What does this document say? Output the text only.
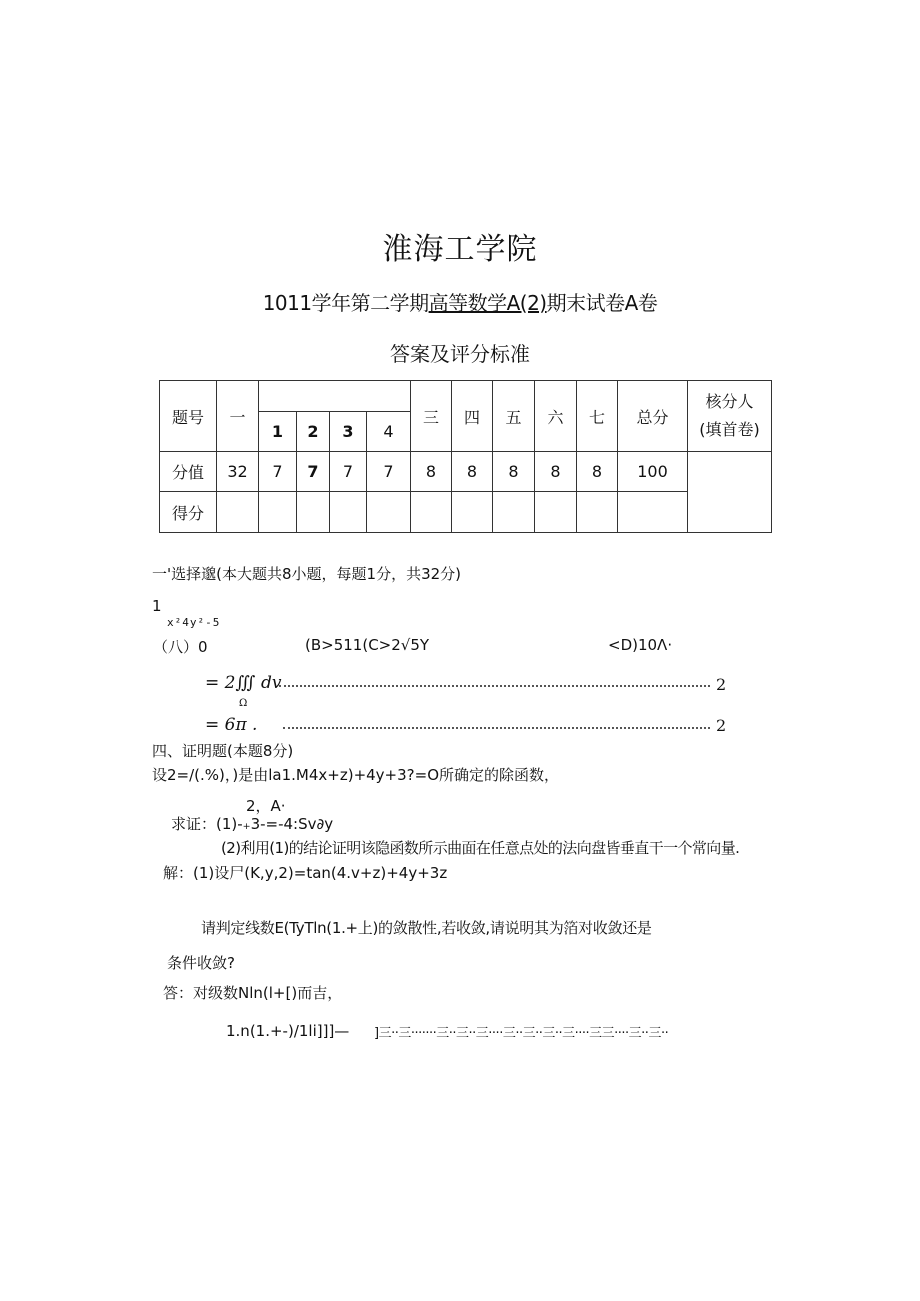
淮海工学院
1011学年第二学期高等数学A(2)期末试卷A卷
答案及评分标准
题号	一					三	四	五	六	七	总分	核分人
(填首卷)

		1	2	3	4							
分值	32	7	7	7	7	8	8	8	8	8	100	
得分												
一'选择邈(本大题共8小题，每题1分，共32分)
1
x²4y²-5
（八）0	(B>511(C>2√5Υ	<D)10Λ·
= 2∭ dv
Ω
2
= 6π .	2
四、证明题(本题8分)
设2=/(.%)，)是由la1.M4x+z)+4y+3?=O所确定的除函数，
2，A·
求证：(1)-₊3-=-4:Sv∂y
(2)利用(1)的结论证明该隐函数所示曲面在任意点处的法向盘皆垂直干一个常向量.
解：(1)设尸(K,y,2)=tan(4.v+z)+4y+3z
请判定线数E(TyTln(1.+上)的敛散性,若收敛,请说明其为箔对收敛还是
条件收敛?
答：对级数Nln(l+[)而吉，
1.n(1.+-)/1li]]]— ]三··三·······三··三··三····三··三··三··三····三三····三··三··
